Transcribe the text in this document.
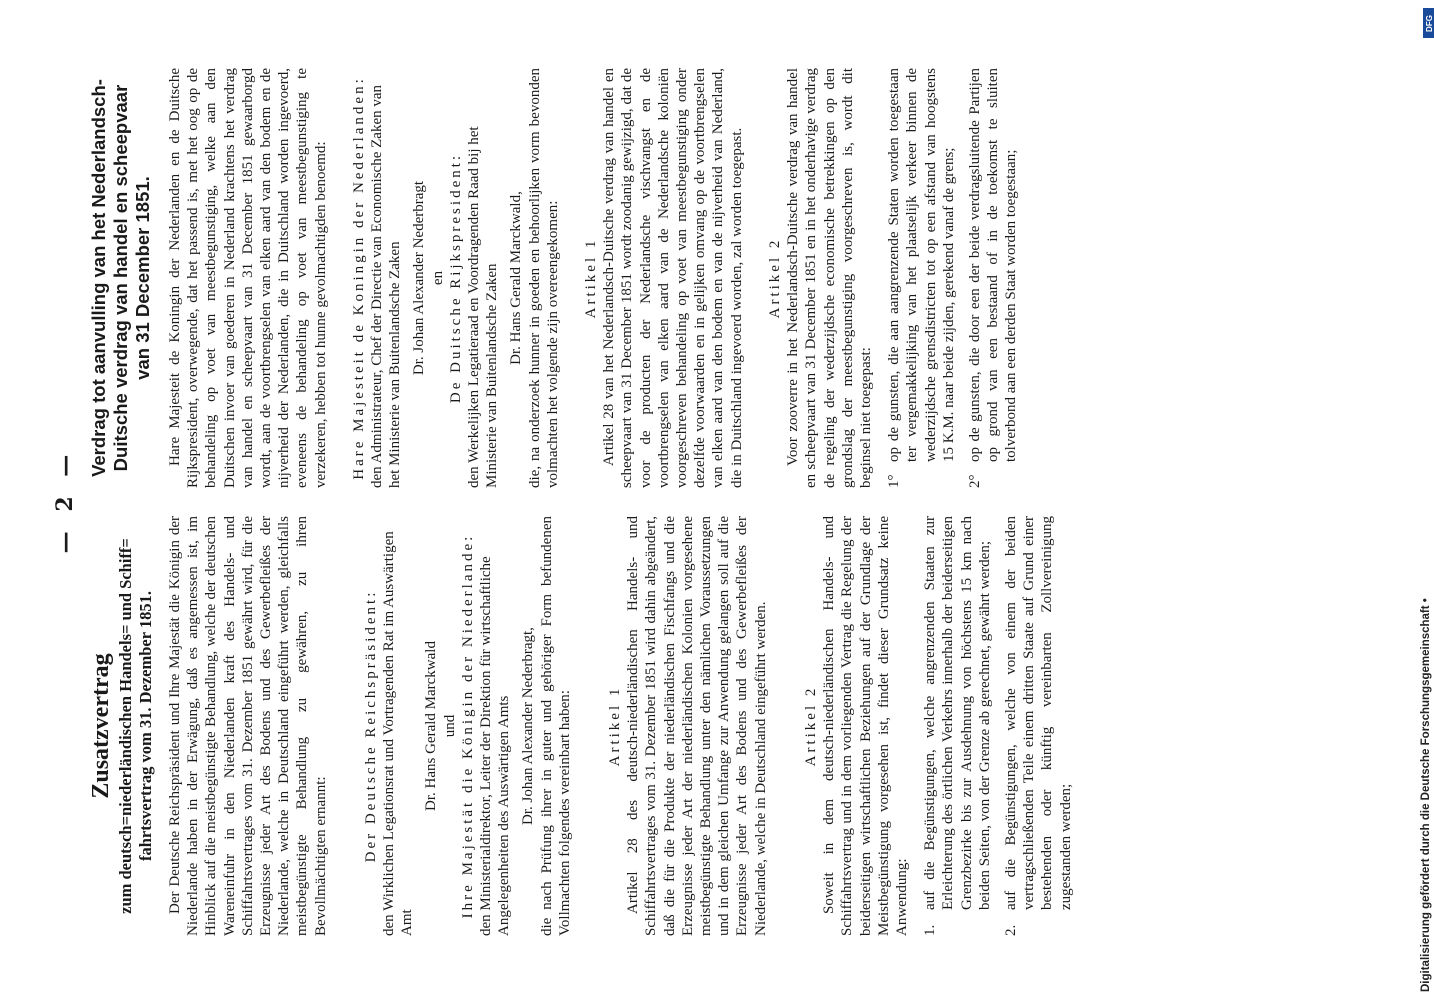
— 2 —
Zusatzvertrag
zum deutsch=niederländischen Handels= und Schiff=
fahrtsvertrag vom 31. Dezember 1851. Der Deutsche Reichspräsident und Ihre Majestät die Königin der Niederlande haben in der Erwägung, daß es angemessen ist, im Hinblick auf die meistbegünstigte Behandlung, welche der deutschen Wareneinfuhr in den Niederlanden kraft des Handels- und Schiffahrtsvertrages vom 31. Dezember 1851 gewährt wird, für die Erzeugnisse jeder Art des Bodens und des Gewerbefleißes der Niederlande, welche in Deutschland eingeführt werden, gleichfalls meistbegünstigte Behandlung zu gewähren, zu ihren Bevollmächtigten ernannt: Der Deutsche Reichspräsident: den Wirklichen Legationsrat und Vortragenden Rat im Auswärtigen Amt

Dr. Hans Gerald Marckwald und Ihre Majestät die Königin der Niederlande: den Ministerialdirektor, Leiter der Direktion für wirtschaftliche Angelegenheiten des Auswärtigen Amts Dr. Johan Alexander Nederbragt, die nach Prüfung ihrer in guter und gehöriger Form befundenen Vollmachten folgendes vereinbart haben: Artikel 1 Artikel 28 des deutsch-niederländischen Handels- und Schiffahrtsvertrages vom 31. Dezember 1851 wird dahin abgeändert, daß die für die Produkte der niederländischen Fischfangs und die Erzeugnisse jeder Art der niederländischen Kolonien vorgesehene meistbegünstigte Behandlung unter den nämlichen Voraussetzungen und in dem gleichen Umfange zur Anwendung gelangen soll auf die Erzeugnisse jeder Art des Bodens und des Gewerbefleißes der Niederlande, welche in Deutschland eingeführt werden. Artikel 2 Soweit in dem deutsch-niederländischen Handels- und Schiffahrtsvertrag und in dem vorliegenden Vertrag die Regelung der beiderseitigen wirtschaftlichen Beziehungen auf der Grundlage der Meistbegünstigung vorgesehen ist, findet dieser Grundsatz keine Anwendung: 1.
auf die Begünstigungen, welche angrenzenden Staaten zur Erleichterung des örtlichen Verkehrs innerhalb der beiderseitigen Grenzbezirke bis zur Ausdehnung von höchstens 15 km nach beiden Seiten, von der Grenze ab gerechnet, gewährt werden;
2.
auf die Begünstigungen, welche von einem der beiden vertragschließenden Teile einem dritten Staate auf Grund einer bestehenden oder künftig vereinbarten Zollvereinigung zugestanden werden;
Verdrag tot aanvulling van het Nederlandsch-Duitsche verdrag van handel en scheepvaar van 31 December 1851. Hare Majesteit de Koningin der Nederlanden en de Duitsche Rijkspresident, overwegende, dat het passend is, met het oog op de behandeling op voet van meestbegunstiging, welke aan den Duitschen invoer van goederen in Nederland krachtens het verdrag van handel en scheepvaart van 31 December 1851 gewaarborgd wordt, aan de voortbrengselen van elken aard van den bodem en de nijverheid der Nederlanden, die in Duitschland worden ingevoerd, eveneens de behandeling op voet van meestbegunstiging te verzekeren, hebben tot hunne gevolmachtigden benoemd: Hare Majesteit de Koningin der Nederlanden: den Administrateur, Chef der Directie van Economische Zaken van het Ministerie van Buitenlandsche Zaken Dr. Johan Alexander Nederbragt en De Duitsche Rijkspresident: den Werkelijken Legatieraad en Voordragenden Raad bij het Ministerie van Buitenlandsche Zaken Dr. Hans Gerald Marckwald, die, na onderzoek hunner in goeden en behoorlijken vorm bevonden volmachten het volgende zijn overeengekomen: Artikel 1 Artikel 28 van het Nederlandsch-Duitsche verdrag van handel en scheepvaart van 31 December 1851 wordt zoodanig gewijzigd, dat de voor de producten der Nederlandsche vischvangst en de voortbrengselen van elken aard van de Nederlandsche koloniën voorgeschreven behandeling op voet van meestbegunstiging onder dezelfde voorwaarden en in gelijken omvang op de voortbrengselen van elken aard van den bodem en van de nijverheid van Nederland, die in Duitschland ingevoerd worden, zal worden toegepast. Artikel 2 Voor zooverre in het Nederlandsch-Duitsche verdrag van handel en scheepvaart van 31 December 1851 en in het onderhavige verdrag de regeling der wederzijdsche economische betrekkingen op den grondslag der meestbegunstiging voorgeschreven is, wordt dit beginsel niet toegepast: 1°
op de gunsten, die aan aangrenzende Staten worden toegestaan ter vergemakkelijking van het plaatselijk verkeer binnen de wederzijdsche grensdistricten tot op een afstand van hoogstens 15 K.M. naar beide zijden, gerekend vanaf de grens;
2°
op de gunsten, die door een der beide verdragsluitende Partijen op grond van een bestaand of in de toekomst te sluiten tolverbond aan een derden Staat worden toegestaan;
Digitalisierung gefördert durch die Deutsche Forschungsgemeinschaft •
DFG
